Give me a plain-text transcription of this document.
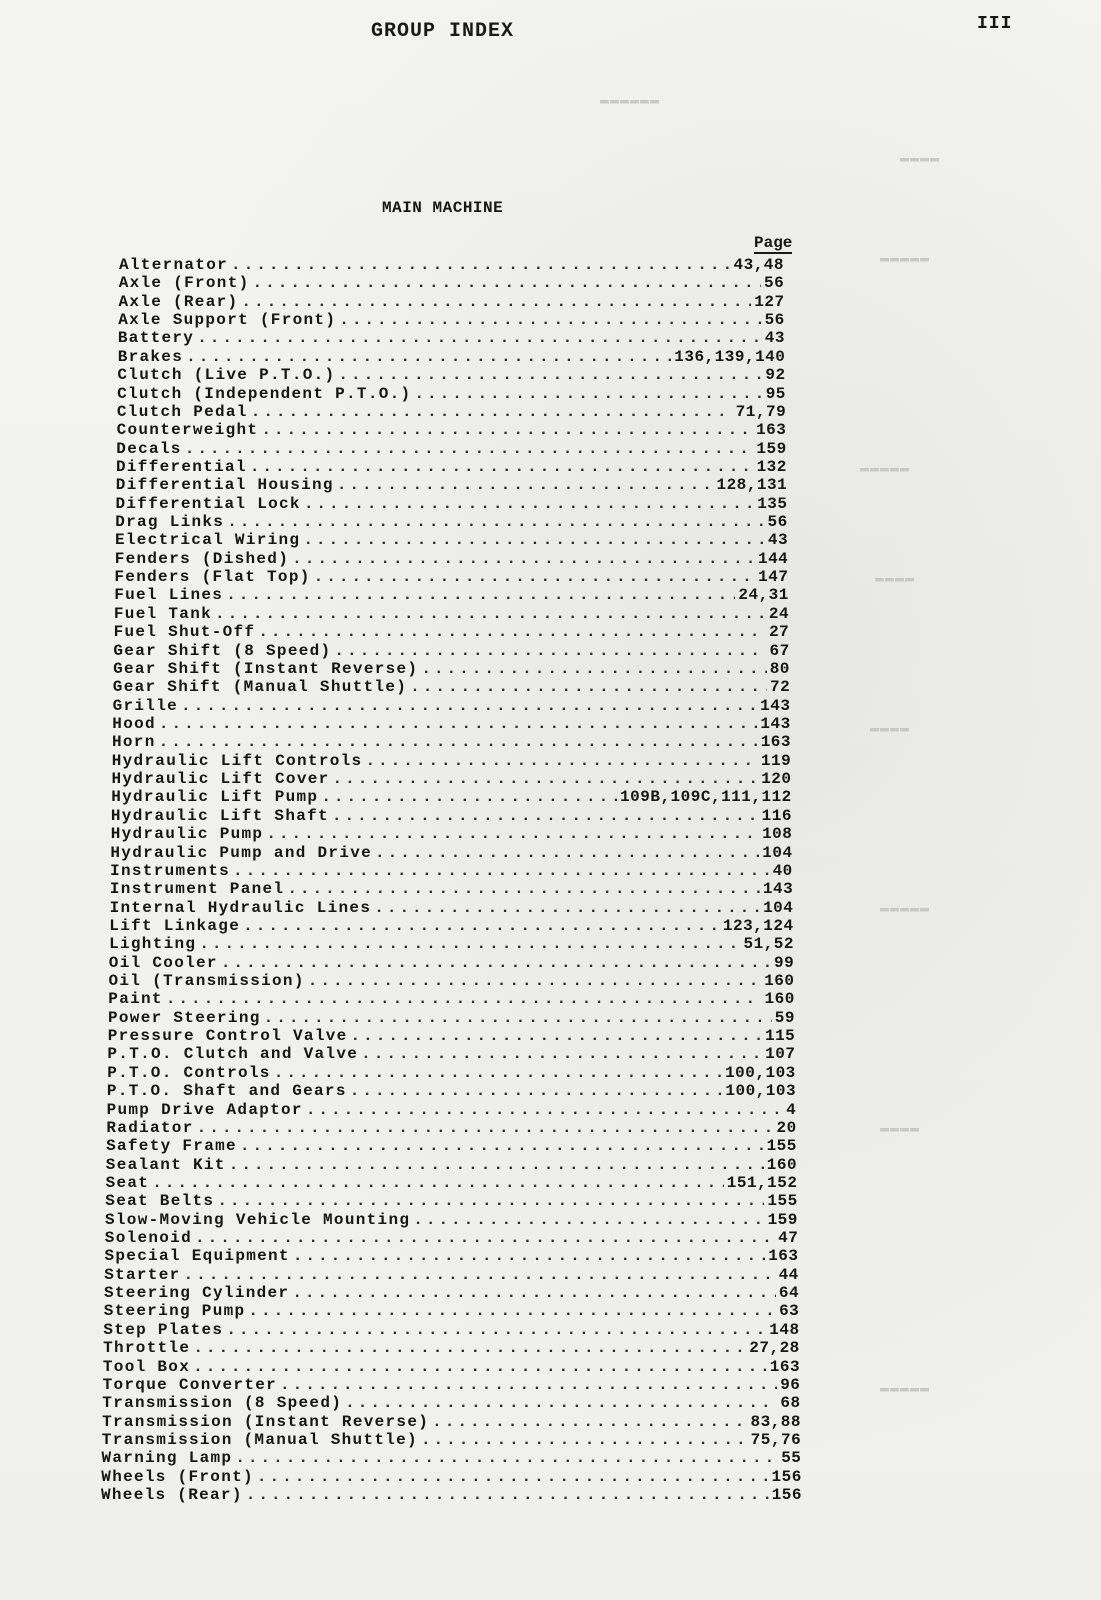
▬▬▬▬▬▬
▬▬▬▬
▬▬▬▬▬
▬▬▬▬▬
▬▬▬▬
▬▬▬▬
▬▬▬▬▬
▬▬▬▬
▬▬▬▬▬
GROUP INDEX	III
MAIN MACHINE
Page
Alternator .....	43,48
Axle (Front) .....	56
Axle (Rear) .....	127
Axle Support (Front) .....	56
Battery .....	43
Brakes .....	136,139,140
Clutch (Live P.T.O.) .....	92
Clutch (Independent P.T.O.) .....	95
Clutch Pedal .....	71,79
Counterweight .....	163
Decals .....	159
Differential .....	132
Differential Housing .....	128,131
Differential Lock .....	135
Drag Links .....	56
Electrical Wiring .....	43
Fenders (Dished) .....	144
Fenders (Flat Top) .....	147
Fuel Lines .....	24,31
Fuel Tank .....	24
Fuel Shut-Off .....	27
Gear Shift (8 Speed) .....	67
Gear Shift (Instant Reverse) .....	80
Gear Shift (Manual Shuttle) .....	72
Grille .....	143
Hood .....	143
Horn .....	163
Hydraulic Lift Controls .....	119
Hydraulic Lift Cover .....	120
Hydraulic Lift Pump .....	109B,109C,111,112
Hydraulic Lift Shaft .....	116
Hydraulic Pump .....	108
Hydraulic Pump and Drive .....	104
Instruments .....	40
Instrument Panel .....	143
Internal Hydraulic Lines .....	104
Lift Linkage .....	123,124
Lighting .....	51,52
Oil Cooler .....	99
Oil (Transmission) .....	160
Paint .....	160
Power Steering .....	59
Pressure Control Valve .....	115
P.T.O. Clutch and Valve .....	107
P.T.O. Controls .....	100,103
P.T.O. Shaft and Gears .....	100,103
Pump Drive Adaptor .....	4
Radiator .....	20
Safety Frame .....	155
Sealant Kit .....	160
Seat .....	151,152
Seat Belts .....	155
Slow-Moving Vehicle Mounting .....	159
Solenoid .....	47
Special Equipment .....	163
Starter .....	44
Steering Cylinder .....	64
Steering Pump .....	63
Step Plates .....	148
Throttle .....	27,28
Tool Box .....	163
Torque Converter .....	96
Transmission (8 Speed) .....	68
Transmission (Instant Reverse) .....	83,88
Transmission (Manual Shuttle) .....	75,76
Warning Lamp .....	55
Wheels (Front) .....	156
Wheels (Rear) .....	156
